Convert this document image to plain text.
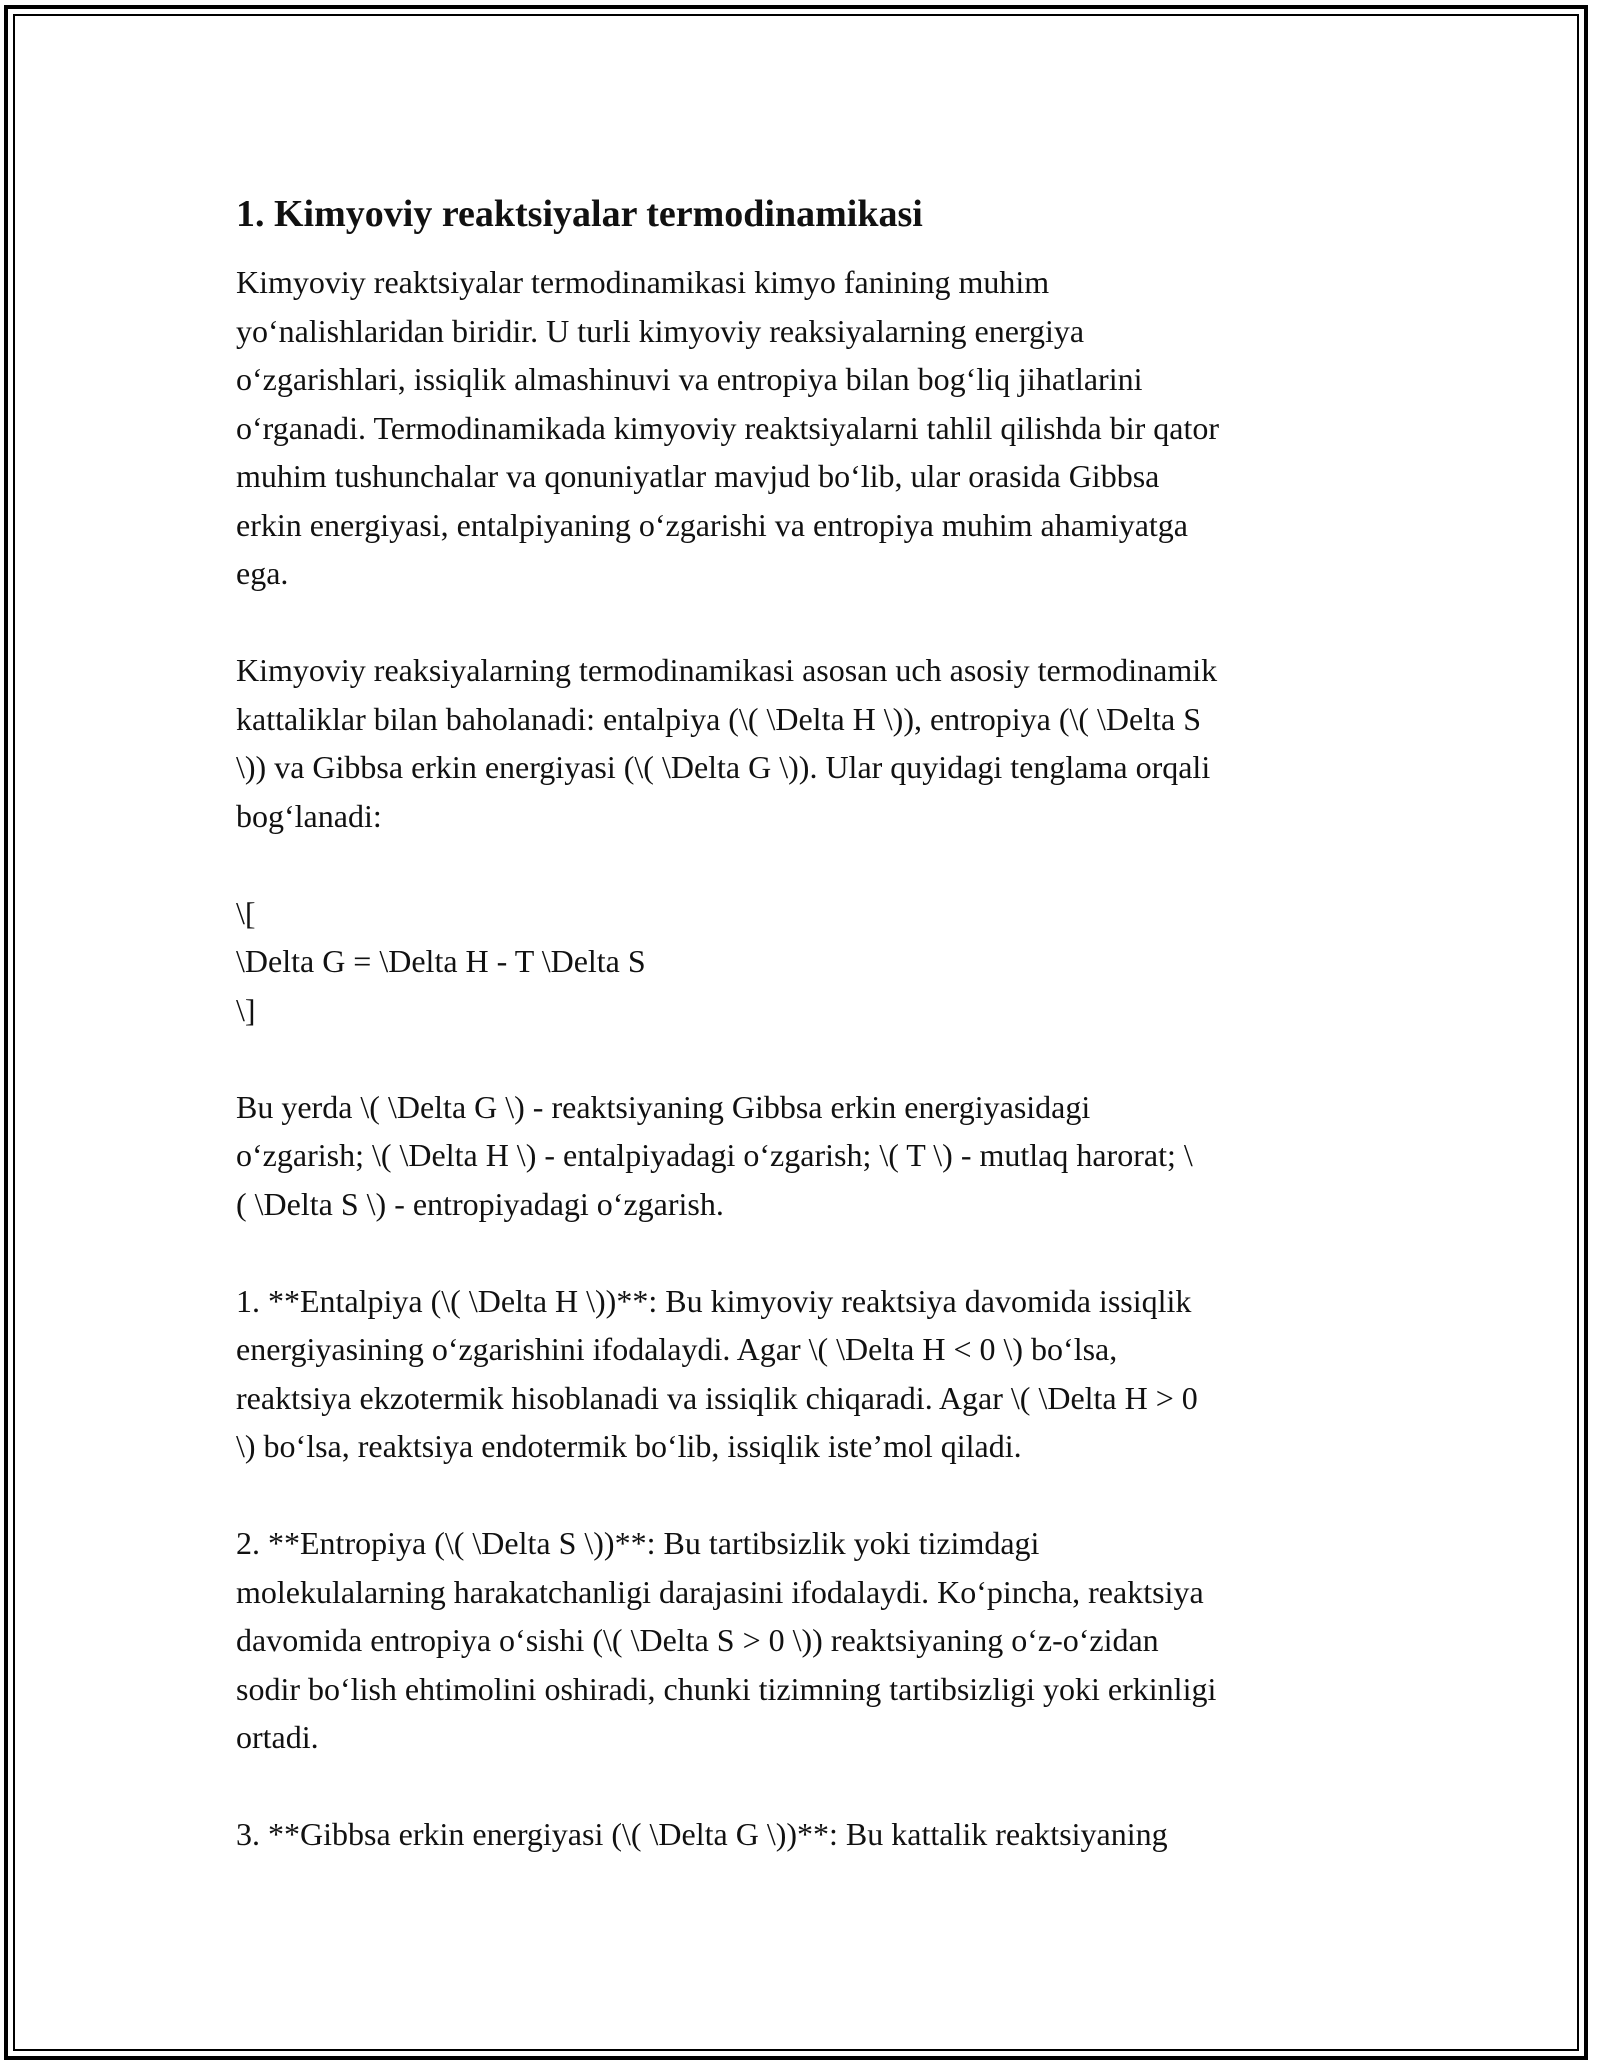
1. Kimyoviy reaktsiyalar termodinamikasi

Kimyoviy reaktsiyalar termodinamikasi kimyo fanining muhim
yo‘nalishlaridan biridir. U turli kimyoviy reaksiyalarning energiya
o‘zgarishlari, issiqlik almashinuvi va entropiya bilan bog‘liq jihatlarini
o‘rganadi. Termodinamikada kimyoviy reaktsiyalarni tahlil qilishda bir qator
muhim tushunchalar va qonuniyatlar mavjud bo‘lib, ular orasida Gibbsa
erkin energiyasi, entalpiyaning o‘zgarishi va entropiya muhim ahamiyatga
ega.

Kimyoviy reaksiyalarning termodinamikasi asosan uch asosiy termodinamik
kattaliklar bilan baholanadi: entalpiya (\( \Delta H \)), entropiya (\( \Delta S
\)) va Gibbsa erkin energiyasi (\( \Delta G \)). Ular quyidagi tenglama orqali
bog‘lanadi:

\[
\Delta G = \Delta H - T \Delta S
\]

Bu yerda \( \Delta G \) - reaktsiyaning Gibbsa erkin energiyasidagi
o‘zgarish; \( \Delta H \) - entalpiyadagi o‘zgarish; \( T \) - mutlaq harorat; \
( \Delta S \) - entropiyadagi o‘zgarish.

1. **Entalpiya (\( \Delta H \))**: Bu kimyoviy reaktsiya davomida issiqlik
energiyasining o‘zgarishini ifodalaydi. Agar \( \Delta H < 0 \) bo‘lsa,
reaktsiya ekzotermik hisoblanadi va issiqlik chiqaradi. Agar \( \Delta H > 0
\) bo‘lsa, reaktsiya endotermik bo‘lib, issiqlik iste’mol qiladi.

2. **Entropiya (\( \Delta S \))**: Bu tartibsizlik yoki tizimdagi
molekulalarning harakatchanligi darajasini ifodalaydi. Ko‘pincha, reaktsiya
davomida entropiya o‘sishi (\( \Delta S > 0 \)) reaktsiyaning o‘z-o‘zidan
sodir bo‘lish ehtimolini oshiradi, chunki tizimning tartibsizligi yoki erkinligi
ortadi.

3. **Gibbsa erkin energiyasi (\( \Delta G \))**: Bu kattalik reaktsiyaning
